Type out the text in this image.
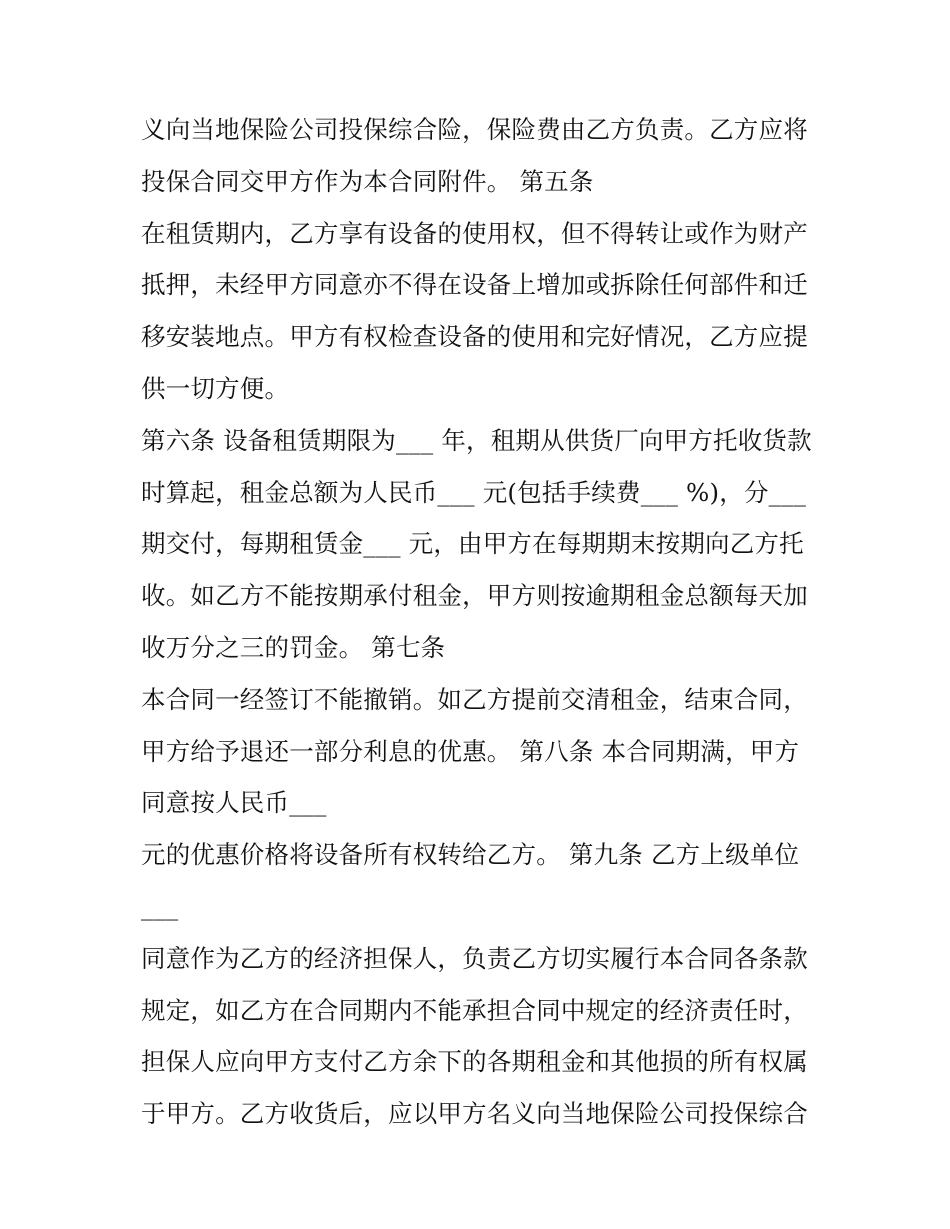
义向当地保险公司投保综合险，保险费由乙方负责。乙方应将
投保合同交甲方作为本合同附件。 第五条
在租赁期内，乙方享有设备的使用权，但不得转让或作为财产
抵押，未经甲方同意亦不得在设备上增加或拆除任何部件和迁
移安装地点。甲方有权检查设备的使用和完好情况，乙方应提
供一切方便。
第六条 设备租赁期限为___ 年，租期从供货厂向甲方托收货款
时算起，租金总额为人民币___ 元(包括手续费___ %)，分___
期交付，每期租赁金___ 元，由甲方在每期期末按期向乙方托
收。如乙方不能按期承付租金，甲方则按逾期租金总额每天加
收万分之三的罚金。 第七条
本合同一经签订不能撤销。如乙方提前交清租金，结束合同，
甲方给予退还一部分利息的优惠。 第八条 本合同期满，甲方
同意按人民币___
元的优惠价格将设备所有权转给乙方。 第九条 乙方上级单位
___
同意作为乙方的经济担保人，负责乙方切实履行本合同各条款
规定，如乙方在合同期内不能承担合同中规定的经济责任时，
担保人应向甲方支付乙方余下的各期租金和其他损的所有权属
于甲方。乙方收货后，应以甲方名义向当地保险公司投保综合
